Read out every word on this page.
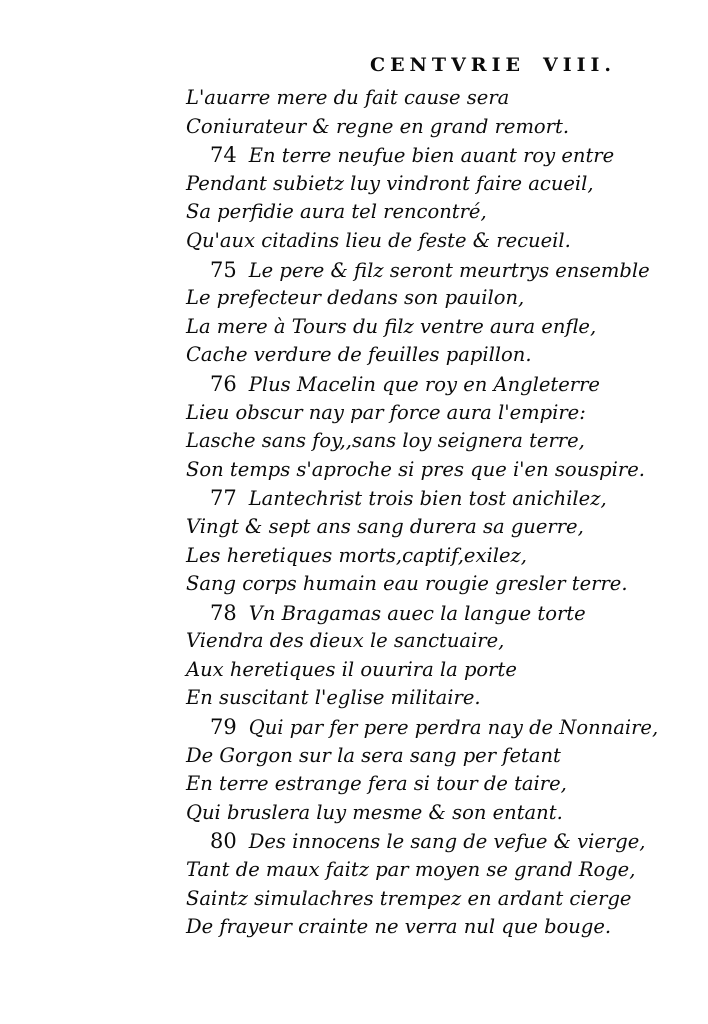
CENTVRIE VIII.
L'auarre mere du fait cause sera
Coniurateur & regne en grand remort.
74 En terre neufue bien auant roy entre
Pendant subietz luy vindront faire acueil,
Sa perfidie aura tel rencontré,
Qu'aux citadins lieu de feste & recueil.
75 Le pere & filz seront meurtrys ensemble
Le prefecteur dedans son pauilon,
La mere à Tours du filz ventre aura enfle,
Cache verdure de feuilles papillon.
76 Plus Macelin que roy en Angleterre
Lieu obscur nay par force aura l'empire:
Lasche sans foy,,sans loy seignera terre,
Son temps s'aproche si pres que i'en souspire.
77 Lantechrist trois bien tost anichilez,
Vingt & sept ans sang durera sa guerre,
Les heretiques morts,captif,exilez,
Sang corps humain eau rougie gresler terre.
78 Vn Bragamas auec la langue torte
Viendra des dieux le sanctuaire,
Aux heretiques il ouurira la porte
En suscitant l'eglise militaire.
79 Qui par fer pere perdra nay de Nonnaire,
De Gorgon sur la sera sang per fetant
En terre estrange fera si tour de taire,
Qui bruslera luy mesme & son entant.
80 Des innocens le sang de vefue & vierge,
Tant de maux faitz par moyen se grand Roge,
Saintz simulachres trempez en ardant cierge
De frayeur crainte ne verra nul que bouge.
